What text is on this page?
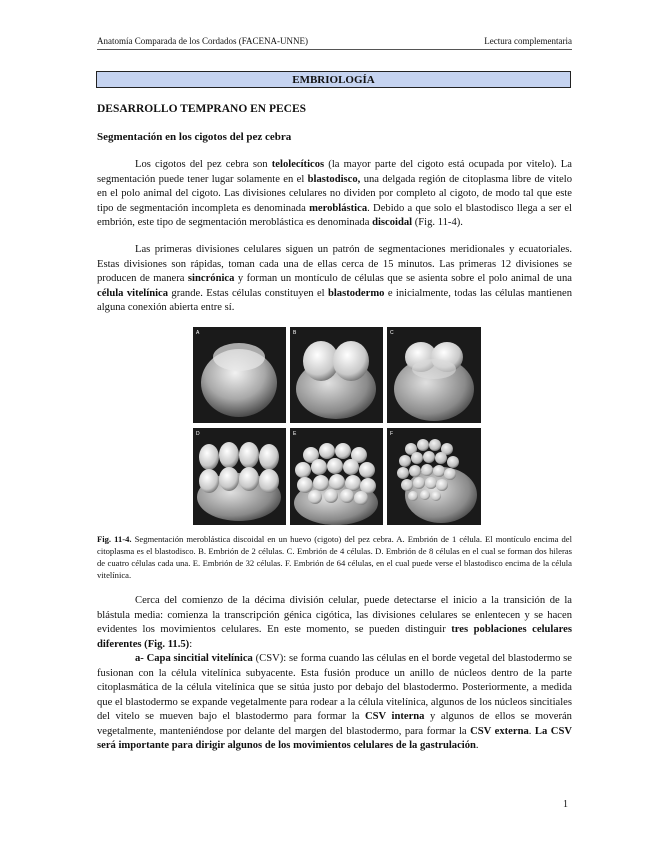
Anatomía Comparada de los Cordados (FACENA-UNNE)	Lectura complementaria
EMBRIOLOGÍA
DESARROLLO TEMPRANO EN PECES
Segmentación en los cigotos del pez cebra

Los cigotos del pez cebra son telolecíticos (la mayor parte del cigoto está ocupada por vitelo). La segmentación puede tener lugar solamente en el blastodisco, una delgada región de citoplasma libre de vitelo en el polo animal del cigoto. Las divisiones celulares no dividen por completo al cigoto, de modo tal que este tipo de segmentación incompleta es denominada meroblástica. Debido a que solo el blastodisco llega a ser el embrión, este tipo de segmentación meroblástica es denominada discoidal (Fig. 11-4).

Las primeras divisiones celulares siguen un patrón de segmentaciones meridionales y ecuatoriales. Estas divisiones son rápidas, toman cada una de ellas cerca de 15 minutos. Las primeras 12 divisiones se producen de manera sincrónica y forman un montículo de células que se asienta sobre el polo animal de una célula vitelínica grande. Estas células constituyen el blastodermo e inicialmente, todas las células mantienen alguna conexión abierta entre sí.

A	B	C
D	E	F
Fig. 11-4. Segmentación meroblástica discoidal en un huevo (cigoto) del pez cebra. A. Embrión de 1 célula. El montículo encima del citoplasma es el blastodisco. B. Embrión de 2 células. C. Embrión de 4 células. D. Embrión de 8 células en el cual se forman dos hileras de cuatro células cada una. E. Embrión de 32 células. F. Embrión de 64 células, en el cual puede verse el blastodisco encima de la célula vitelínica.

Cerca del comienzo de la décima división celular, puede detectarse el inicio a la transición de la blástula media: comienza la transcripción génica cigótica, las divisiones celulares se enlentecen y se hacen evidentes los movimientos celulares. En este momento, se pueden distinguir tres poblaciones celulares diferentes (Fig. 11.5):

a- Capa sincitial vitelínica (CSV): se forma cuando las células en el borde vegetal del blastodermo se fusionan con la célula vitelínica subyacente. Esta fusión produce un anillo de núcleos dentro de la parte citoplasmática de la célula vitelínica que se sitúa justo por debajo del blastodermo. Posteriormente, a medida que el blastodermo se expande vegetalmente para rodear a la célula vitelínica, algunos de los núcleos sincitiales del vitelo se mueven bajo el blastodermo para formar la CSV interna y algunos de ellos se moverán vegetalmente, manteniéndose por delante del margen del blastodermo, para formar la CSV externa. La CSV será importante para dirigir algunos de los movimientos celulares de la gastrulación.

1
